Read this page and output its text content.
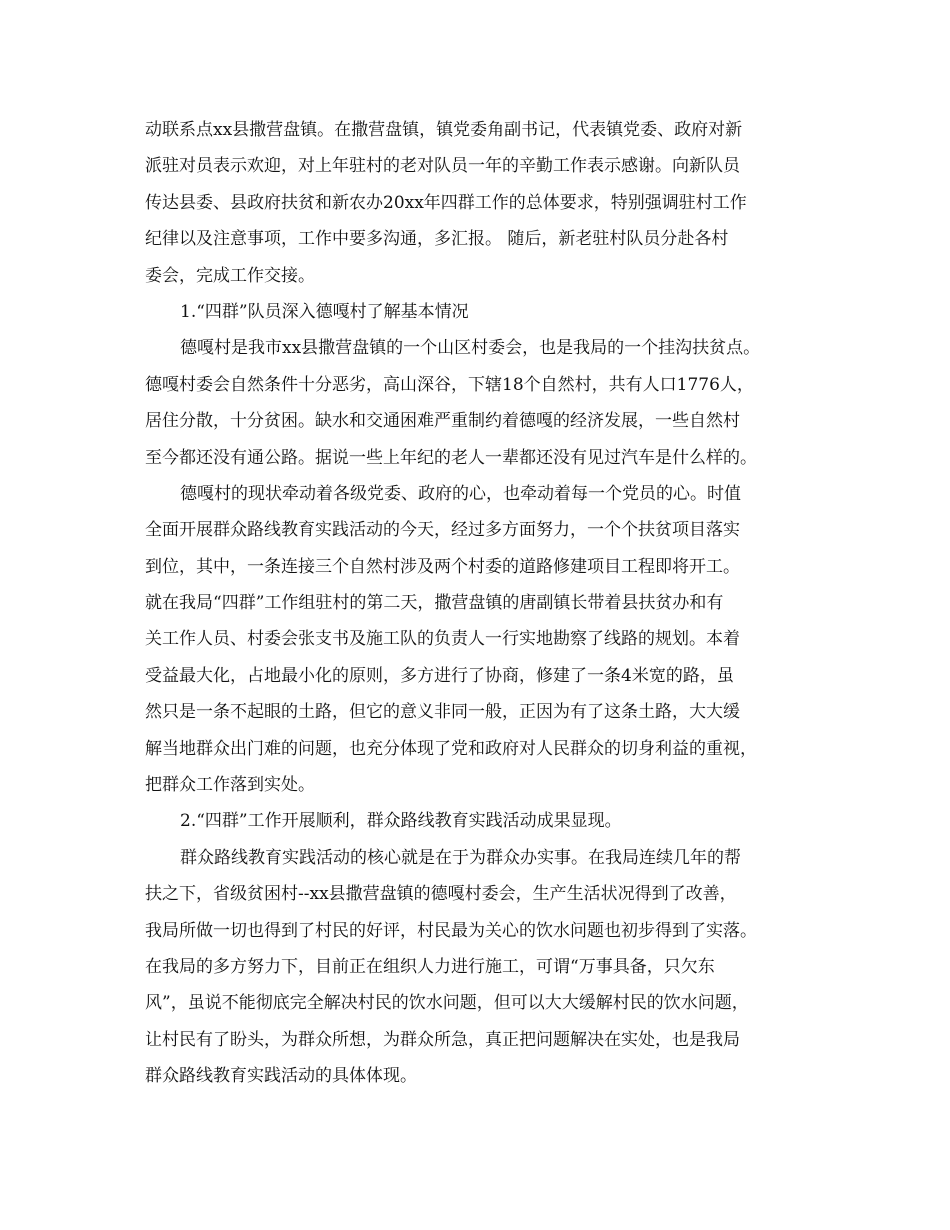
动联系点xx县撒营盘镇。在撒营盘镇，镇党委角副书记，代表镇党委、政府对新
派驻对员表示欢迎，对上年驻村的老对队员一年的辛勤工作表示感谢。向新队员
传达县委、县政府扶贫和新农办20xx年四群工作的总体要求，特别强调驻村工作
纪律以及注意事项，工作中要多沟通，多汇报。 随后，新老驻村队员分赴各村
委会，完成工作交接。
1.“四群”队员深入德嘎村了解基本情况
德嘎村是我市xx县撒营盘镇的一个山区村委会，也是我局的一个挂沟扶贫点。
德嘎村委会自然条件十分恶劣，高山深谷，下辖18个自然村，共有人口1776人，
居住分散，十分贫困。缺水和交通困难严重制约着德嘎的经济发展，一些自然村
至今都还没有通公路。据说一些上年纪的老人一辈都还没有见过汽车是什么样的。
德嘎村的现状牵动着各级党委、政府的心，也牵动着每一个党员的心。时值
全面开展群众路线教育实践活动的今天，经过多方面努力，一个个扶贫项目落实
到位，其中，一条连接三个自然村涉及两个村委的道路修建项目工程即将开工。
就在我局“四群”工作组驻村的第二天，撒营盘镇的唐副镇长带着县扶贫办和有
关工作人员、村委会张支书及施工队的负责人一行实地勘察了线路的规划。本着
受益最大化，占地最小化的原则，多方进行了协商，修建了一条4米宽的路，虽
然只是一条不起眼的土路，但它的意义非同一般，正因为有了这条土路，大大缓
解当地群众出门难的问题，也充分体现了党和政府对人民群众的切身利益的重视，
把群众工作落到实处。
2.“四群”工作开展顺利，群众路线教育实践活动成果显现。
群众路线教育实践活动的核心就是在于为群众办实事。在我局连续几年的帮
扶之下，省级贫困村--xx县撒营盘镇的德嘎村委会，生产生活状况得到了改善，
我局所做一切也得到了村民的好评，村民最为关心的饮水问题也初步得到了实落。
在我局的多方努力下，目前正在组织人力进行施工，可谓“万事具备，只欠东
风”，虽说不能彻底完全解决村民的饮水问题，但可以大大缓解村民的饮水问题，
让村民有了盼头，为群众所想，为群众所急，真正把问题解决在实处，也是我局
群众路线教育实践活动的具体体现。
